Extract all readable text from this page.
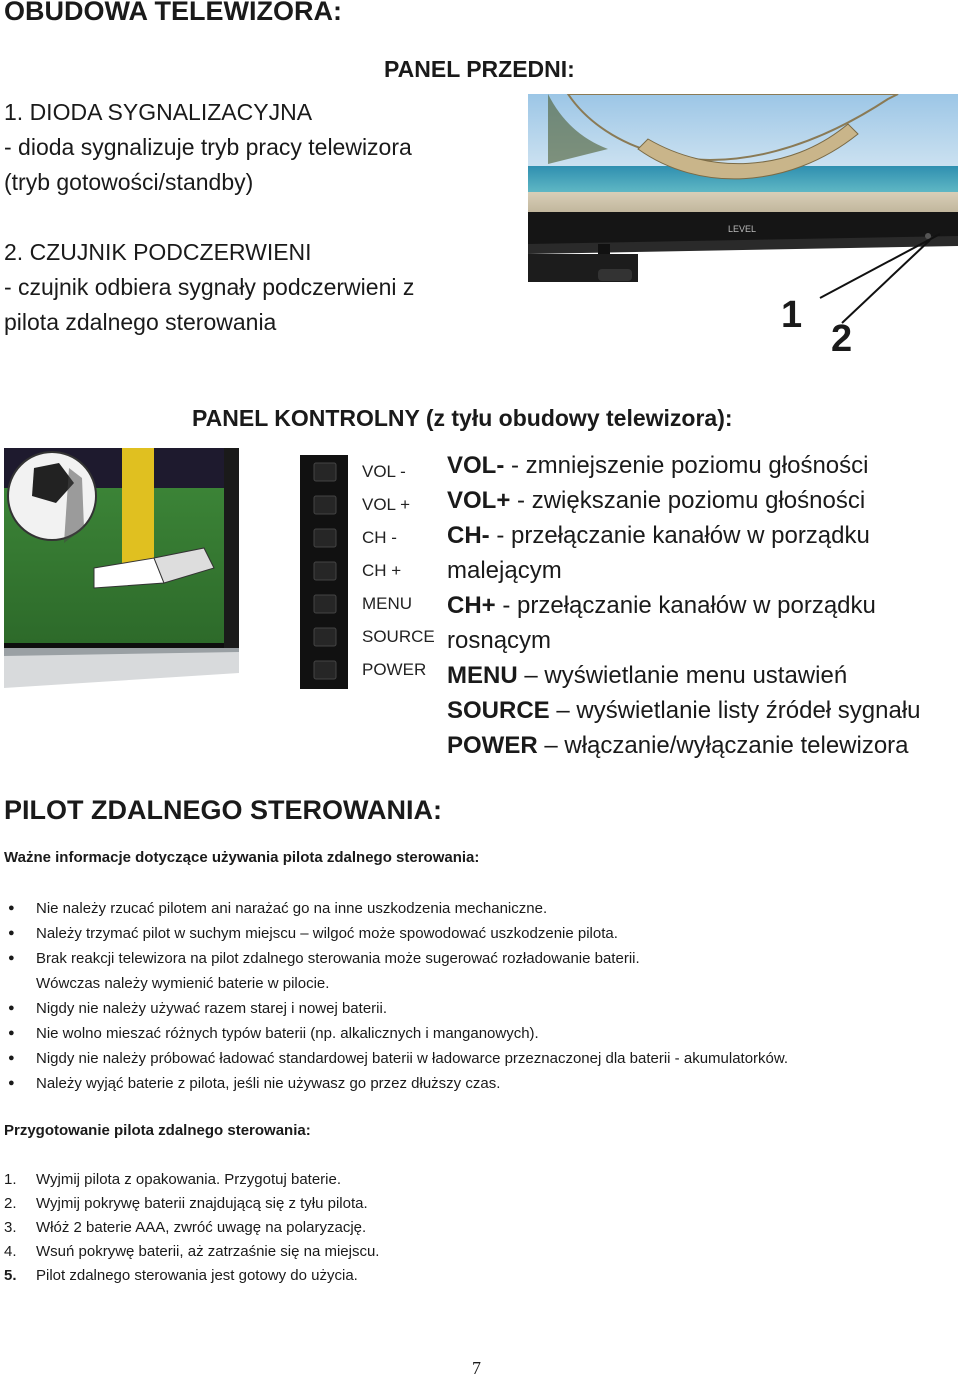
OBUDOWA TELEWIZORA:
PANEL PRZEDNI:
1. DIODA SYGNALIZACYJNA
- dioda sygnalizuje tryb pracy telewizora
(tryb gotowości/standby)
2. CZUJNIK PODCZERWIENI
- czujnik odbiera sygnały podczerwieni z
pilota zdalnego sterowania
LEVEL
1
2
PANEL KONTROLNY (z tyłu obudowy telewizora):
VOL -
VOL +
CH -
CH +
MENU
SOURCE
POWER
VOL- - zmniejszenie poziomu głośności
VOL+ - zwiększanie poziomu głośności
CH- - przełączanie kanałów w porządku
malejącym
CH+ - przełączanie kanałów w porządku
rosnącym
MENU – wyświetlanie menu ustawień
SOURCE – wyświetlanie listy źródeł sygnału
POWER – włączanie/wyłączanie telewizora
PILOT ZDALNEGO STEROWANIA:
Ważne informacje dotyczące używania pilota zdalnego sterowania:
● Nie należy rzucać pilotem ani narażać go na inne uszkodzenia mechaniczne.
● Należy trzymać pilot w suchym miejscu – wilgoć może spowodować uszkodzenie pilota.
● Brak reakcji telewizora na pilot zdalnego sterowania może sugerować rozładowanie baterii.
Wówczas należy wymienić baterie w pilocie.
● Nigdy nie należy używać razem starej i nowej baterii.
● Nie wolno mieszać różnych typów baterii (np. alkalicznych i manganowych).
● Nigdy nie należy próbować ładować standardowej baterii w ładowarce przeznaczonej dla baterii - akumulatorków.
● Należy wyjąć baterie z pilota, jeśli nie używasz go przez dłuższy czas.
Przygotowanie pilota zdalnego sterowania:
1. Wyjmij pilota z opakowania. Przygotuj baterie.
2. Wyjmij pokrywę baterii znajdującą się z tyłu pilota.
3. Włóż 2 baterie AAA, zwróć uwagę na polaryzację.
4. Wsuń pokrywę baterii, aż zatrzaśnie się na miejscu.
5. Pilot zdalnego sterowania jest gotowy do użycia.
7
